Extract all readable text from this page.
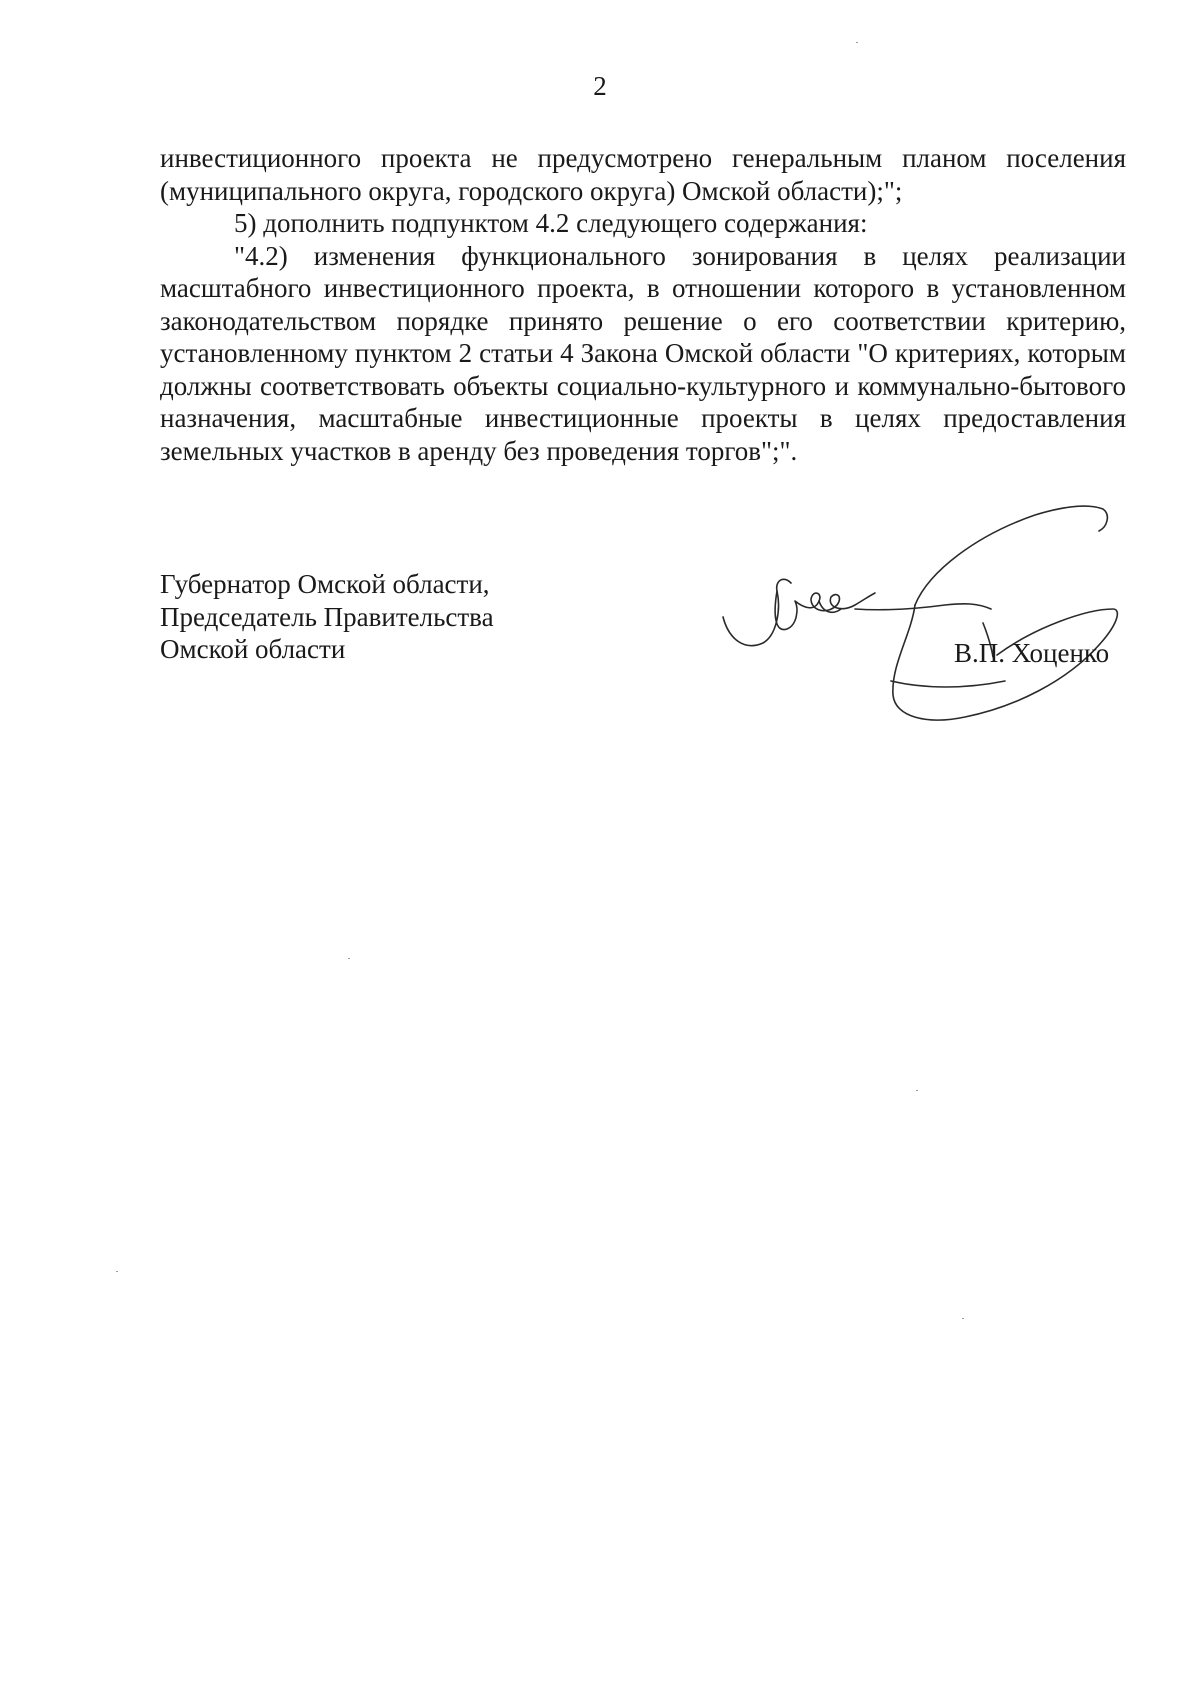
2

инвестиционного проекта не предусмотрено генеральным планом поселения (муниципального округа, городского округа) Омской области);";

5) дополнить подпунктом 4.2 следующего содержания:

"4.2) изменения функционального зонирования в целях реализации масштабного инвестиционного проекта, в отношении которого в установленном законодательством порядке принято решение о его соответствии критерию, установленному пунктом 2 статьи 4 Закона Омской области "О критериях, которым должны соответствовать объекты социально-культурного и коммунально-бытового назначения, масштабные инвестиционные проекты в целях предоставления земельных участков в аренду без проведения торгов";".

Губернатор Омской области,
Председатель Правительства
Омской области	В.П. Хоценко
